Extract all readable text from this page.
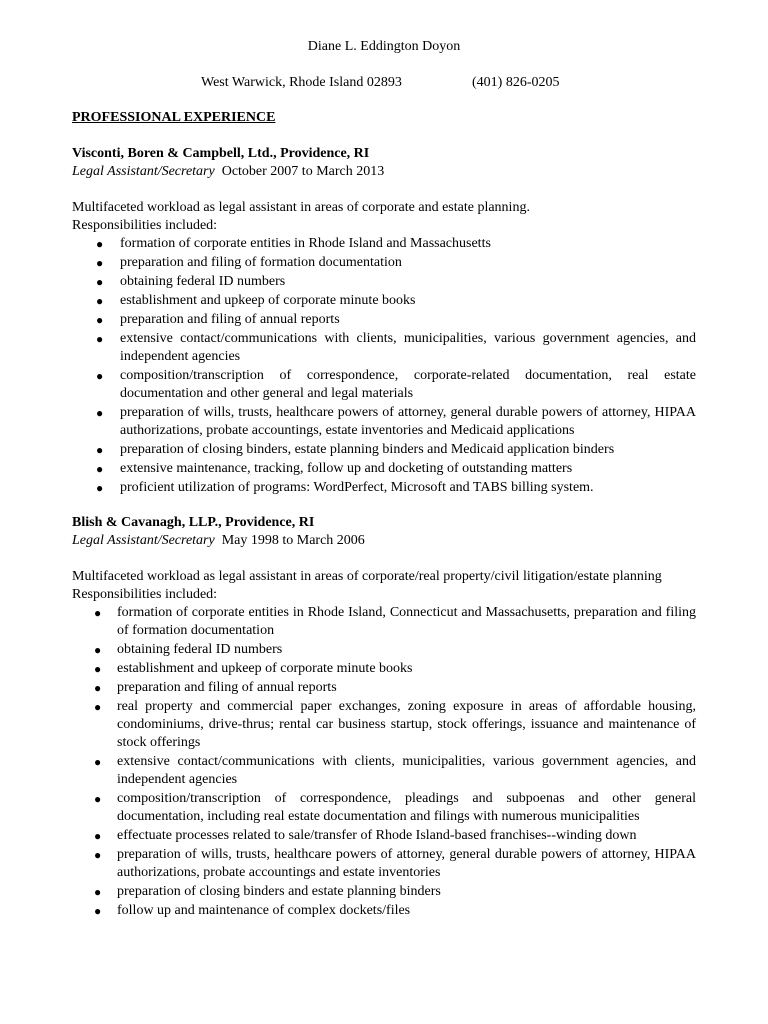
Diane L. Eddington Doyon
West Warwick, Rhode Island 02893	(401) 826-0205
PROFESSIONAL EXPERIENCE
Visconti, Boren & Campbell, Ltd., Providence, RI
Legal Assistant/Secretary October 2007 to March 2013
Multifaceted workload as legal assistant in areas of corporate and estate planning.
Responsibilities included:
● formation of corporate entities in Rhode Island and Massachusetts
● preparation and filing of formation documentation
● obtaining federal ID numbers
● establishment and upkeep of corporate minute books
● preparation and filing of annual reports
● extensive contact/communications with clients, municipalities, various government agencies, and independent agencies
● composition/transcription of correspondence, corporate-related documentation, real estate documentation and other general and legal materials
● preparation of wills, trusts, healthcare powers of attorney, general durable powers of attorney, HIPAA authorizations, probate accountings, estate inventories and Medicaid applications
● preparation of closing binders, estate planning binders and Medicaid application binders
● extensive maintenance, tracking, follow up and docketing of outstanding matters
● proficient utilization of programs: WordPerfect, Microsoft and TABS billing system.
Blish & Cavanagh, LLP., Providence, RI
Legal Assistant/Secretary May 1998 to March 2006
Multifaceted workload as legal assistant in areas of corporate/real property/civil litigation/estate planning
Responsibilities included:
● formation of corporate entities in Rhode Island, Connecticut and Massachusetts, preparation and filing of formation documentation
● obtaining federal ID numbers
● establishment and upkeep of corporate minute books
● preparation and filing of annual reports
● real property and commercial paper exchanges, zoning exposure in areas of affordable housing, condominiums, drive-thrus; rental car business startup, stock offerings, issuance and maintenance of stock offerings
● extensive contact/communications with clients, municipalities, various government agencies, and independent agencies
● composition/transcription of correspondence, pleadings and subpoenas and other general documentation, including real estate documentation and filings with numerous municipalities
● effectuate processes related to sale/transfer of Rhode Island-based franchises--winding down
● preparation of wills, trusts, healthcare powers of attorney, general durable powers of attorney, HIPAA authorizations, probate accountings and estate inventories
● preparation of closing binders and estate planning binders
● follow up and maintenance of complex dockets/files
